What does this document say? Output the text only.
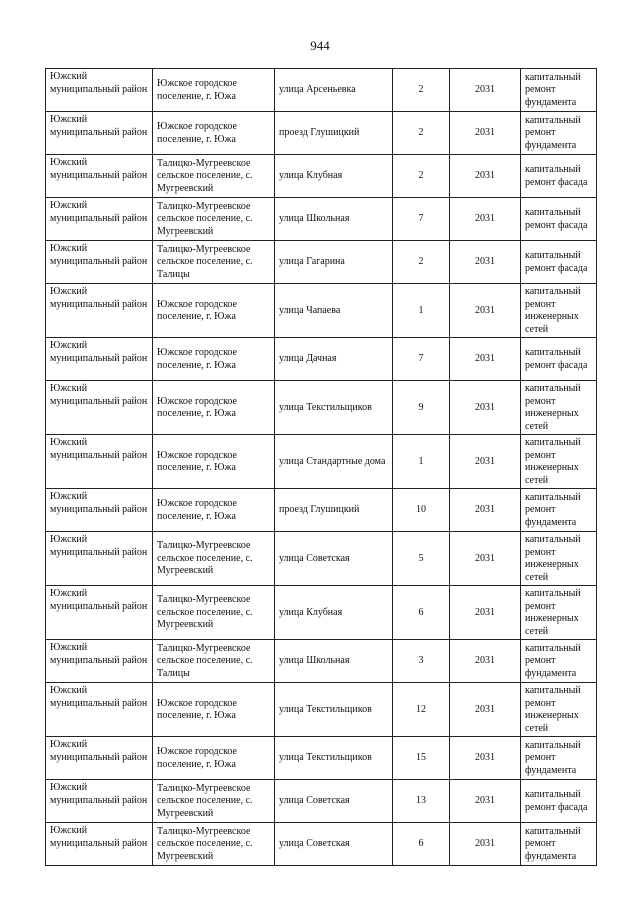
944
Южский муниципальный район	Южское городское поселение, г. Южа	улица Арсеньевка	2	2031	капитальный ремонт фундамента
Южский муниципальный район	Южское городское поселение, г. Южа	проезд Глушицкий	2	2031	капитальный ремонт фундамента
Южский муниципальный район	Талицко-Мугреевское сельское поселение, с. Мугреевский	улица Клубная	2	2031	капитальный ремонт фасада
Южский муниципальный район	Талицко-Мугреевское сельское поселение, с. Мугреевский	улица Школьная	7	2031	капитальный ремонт фасада
Южский муниципальный район	Талицко-Мугреевское сельское поселение, с. Талицы	улица Гагарина	2	2031	капитальный ремонт фасада
Южский муниципальный район	Южское городское поселение, г. Южа	улица Чапаева	1	2031	капитальный ремонт инженерных сетей
Южский муниципальный район	Южское городское поселение, г. Южа	улица Дачная	7	2031	капитальный ремонт фасада
Южский муниципальный район	Южское городское поселение, г. Южа	улица Текстильщиков	9	2031	капитальный ремонт инженерных сетей
Южский муниципальный район	Южское городское поселение, г. Южа	улица Стандартные дома	1	2031	капитальный ремонт инженерных сетей
Южский муниципальный район	Южское городское поселение, г. Южа	проезд Глушицкий	10	2031	капитальный ремонт фундамента
Южский муниципальный район	Талицко-Мугреевское сельское поселение, с. Мугреевский	улица Советская	5	2031	капитальный ремонт инженерных сетей
Южский муниципальный район	Талицко-Мугреевское сельское поселение, с. Мугреевский	улица Клубная	6	2031	капитальный ремонт инженерных сетей
Южский муниципальный район	Талицко-Мугреевское сельское поселение, с. Талицы	улица Школьная	3	2031	капитальный ремонт фундамента
Южский муниципальный район	Южское городское поселение, г. Южа	улица Текстильщиков	12	2031	капитальный ремонт инженерных сетей
Южский муниципальный район	Южское городское поселение, г. Южа	улица Текстильщиков	15	2031	капитальный ремонт фундамента
Южский муниципальный район	Талицко-Мугреевское сельское поселение, с. Мугреевский	улица Советская	13	2031	капитальный ремонт фасада
Южский муниципальный район	Талицко-Мугреевское сельское поселение, с. Мугреевский	улица Советская	6	2031	капитальный ремонт фундамента
